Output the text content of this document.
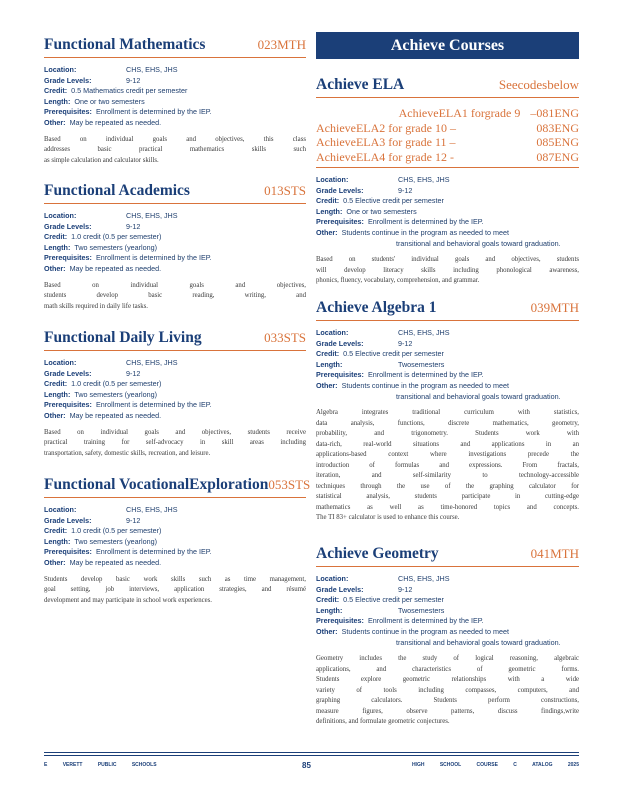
Functional Mathematics	023MTH
Location:	CHS, EHS, JHS
Grade Levels:	9-12
Credit: 0.5 Mathematics credit per semester
Length: One or two semesters
Prerequisites: Enrollment is determined by the IEP.
Other: May be repeated as needed.
Based on individual goals and objectives, this class
addresses basic practical mathematics skills such
as simple calculation and calculator skills.
Functional Academics	013STS
Location:	CHS, EHS, JHS
Grade Levels:	9-12
Credit: 1.0 credit (0.5 per semester)
Length: Two semesters (yearlong)
Prerequisites: Enrollment is determined by the IEP.
Other: May be repeated as needed.
Based on individual goals and objectives,
students develop basic reading, writing, and
math skills required in daily life tasks.
Functional Daily Living	033STS
Location:	CHS, EHS, JHS
Grade Levels:	9-12
Credit: 1.0 credit (0.5 per semester)
Length: Two semesters (yearlong)
Prerequisites: Enrollment is determined by the IEP.
Other: May be repeated as needed.
Based on individual goals and objectives, students receive
practical training for self-advocacy in skill areas including
transportation, safety, domestic skills, recreation, and leisure.
Functional VocationalExploration 053STS
Location:	CHS, EHS, JHS
Grade Levels:	9-12
Credit: 1.0 credit (0.5 per semester)
Length: Two semesters (yearlong)
Prerequisites: Enrollment is determined by the IEP.
Other: May be repeated as needed.
Students develop basic work skills such as time management,
goal setting, job interviews, application strategies, and résumé
development and may participate in school work experiences.
Achieve Courses
Achieve ELA	Seecodesbelow
AchieveELA1 forgrade 9 –081ENG
AchieveELA2 for grade 10 –	083ENG
AchieveELA3 for grade 11 –	085ENG
AchieveELA4 for grade 12 -	087ENG
Location:	CHS, EHS, JHS
Grade Levels:	9-12
Credit: 0.5 Elective credit per semester
Length: One or two semesters
Prerequisites: Enrollment is determined by the IEP.
Other: Students continue in the program as needed to meet
transitional and behavioral goals toward graduation.
Based on students' individual goals and objectives, students
will develop literacy skills including phonological awareness,
phonics, fluency, vocabulary, comprehension, and grammar.
Achieve Algebra 1	039MTH
Location:	CHS, EHS, JHS
Grade Levels:	9-12
Credit: 0.5 Elective credit per semester
Length:	Twosemesters
Prerequisites: Enrollment is determined by the IEP.
Other: Students continue in the program as needed to meet
transitional and behavioral goals toward graduation.
Algebra integrates traditional curriculum with statistics,
data analysis, functions, discrete mathematics, geometry,
probability, and trigonometry. Students work with
data-rich, real-world situations and applications in an
applications-based context where investigations precede the
introduction of formulas and expressions. From fractals,
iteration, and self-similarity to technology-accessible
techniques through the use of the graphing calculator for
statistical analysis, students participate in cutting-edge
mathematics as well as time-honored topics and concepts.
The TI 83+ calculator is used to enhance this course.
Achieve Geometry	041MTH
Location:	CHS, EHS, JHS
Grade Levels:	9-12
Credit: 0.5 Elective credit per semester
Length:	Twosemesters
Prerequisites: Enrollment is determined by the IEP.
Other: Students continue in the program as needed to meet
transitional and behavioral goals toward graduation.
Geometry includes the study of logical reasoning, algebraic
applications, and characteristics of geometric forms.
Students explore geometric relationships with a wide
variety of tools including compasses, computers, and
graphing calculators. Students perform constructions,
measure figures, observe patterns, discuss findings,write
definitions, and formulate geometric conjectures.
E VERETT PUBLIC SCHOOLS	85	HIGH SCHOOL COURSE C ATALOG 2025
